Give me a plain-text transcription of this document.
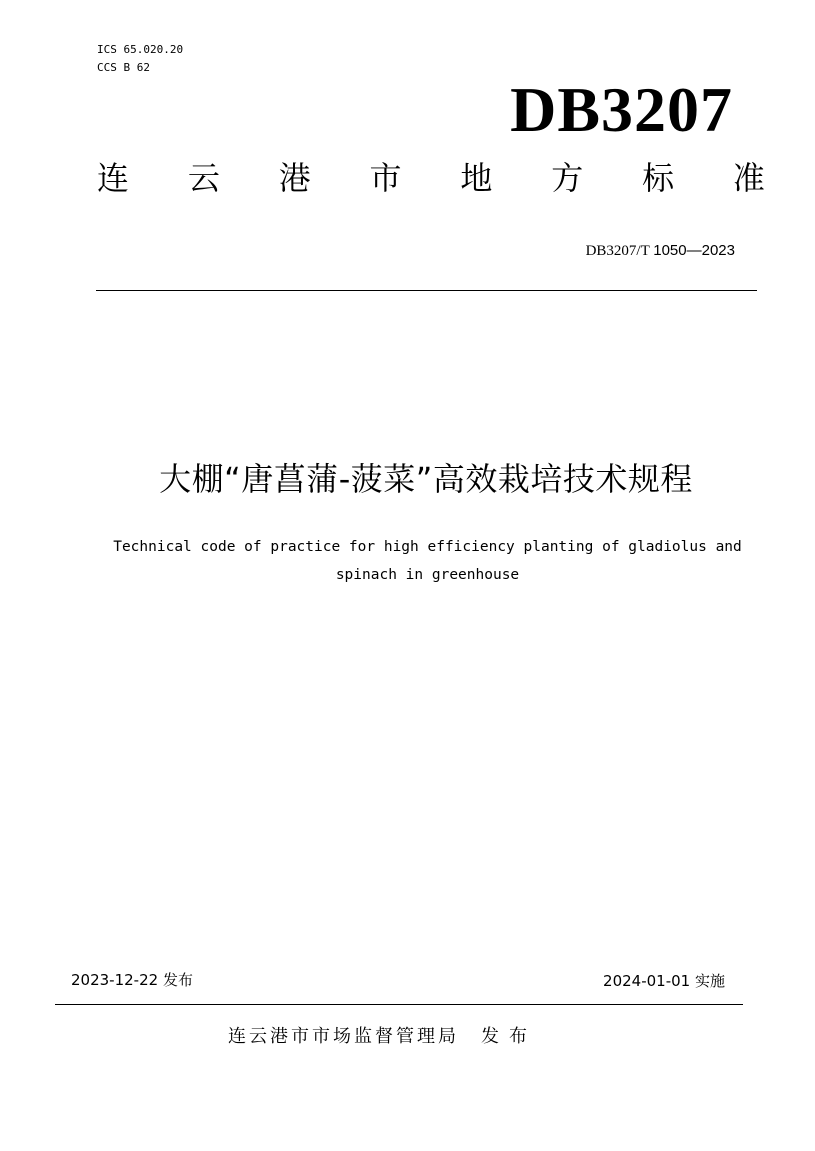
ICS 65.020.20
CCS B 62
DB3207
连 云 港 市 地 方 标 准
DB3207/T 1050—2023
大棚“唐菖蒲-菠菜”高效栽培技术规程
Technical code of practice for high efficiency planting of gladiolus and
spinach in greenhouse
2023-12-22 发布	2024-01-01 实施
连云港市市场监督管理局 发布
